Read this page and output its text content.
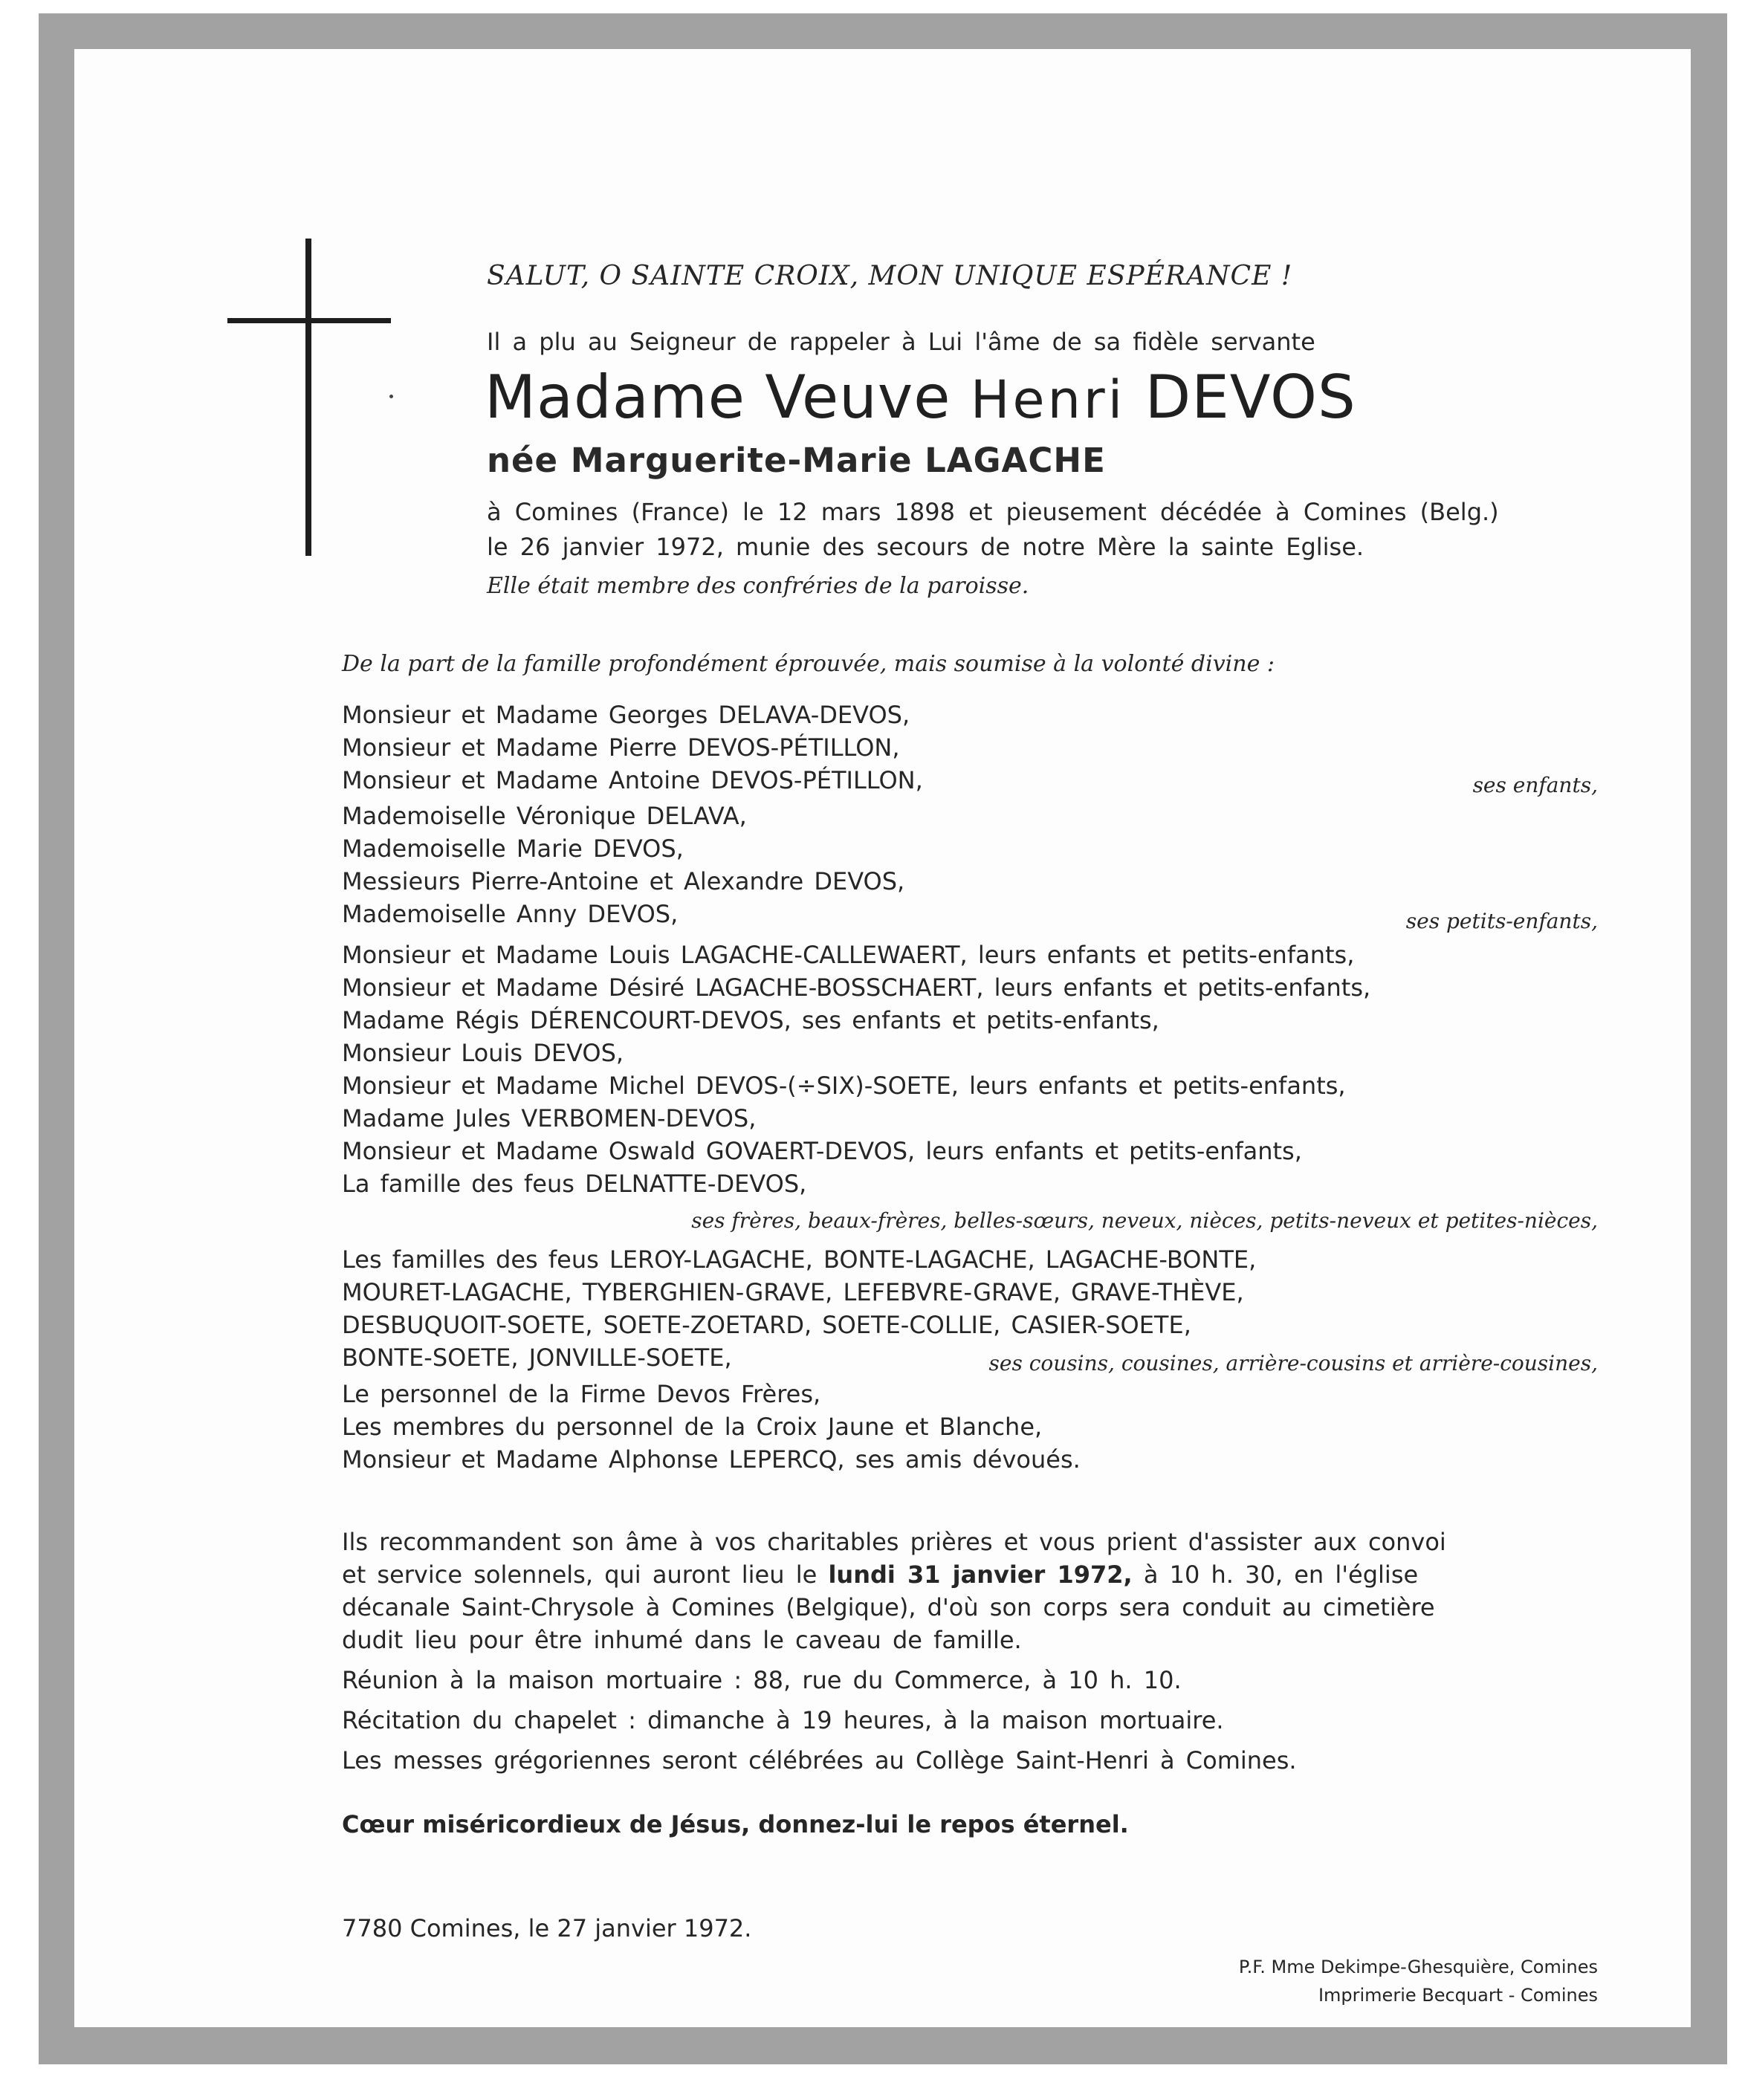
SALUT, O SAINTE CROIX, MON UNIQUE ESPÉRANCE !
Il a plu au Seigneur de rappeler à Lui l'âme de sa fidèle servante
Madame Veuve Henri DEVOS
née Marguerite-Marie LAGACHE
à Comines (France) le 12 mars 1898 et pieusement décédée à Comines (Belg.)
le 26 janvier 1972, munie des secours de notre Mère la sainte Eglise.
Elle était membre des confréries de la paroisse.
De la part de la famille profondément éprouvée, mais soumise à la volonté divine :
Monsieur et Madame Georges DELAVA-DEVOS,
Monsieur et Madame Pierre DEVOS-PÉTILLON,
Monsieur et Madame Antoine DEVOS-PÉTILLON,	ses enfants,
Mademoiselle Véronique DELAVA,
Mademoiselle Marie DEVOS,
Messieurs Pierre-Antoine et Alexandre DEVOS,
Mademoiselle Anny DEVOS,	ses petits-enfants,
Monsieur et Madame Louis LAGACHE-CALLEWAERT, leurs enfants et petits-enfants,
Monsieur et Madame Désiré LAGACHE-BOSSCHAERT, leurs enfants et petits-enfants,
Madame Régis DÉRENCOURT-DEVOS, ses enfants et petits-enfants,
Monsieur Louis DEVOS,
Monsieur et Madame Michel DEVOS-(÷SIX)-SOETE, leurs enfants et petits-enfants,
Madame Jules VERBOMEN-DEVOS,
Monsieur et Madame Oswald GOVAERT-DEVOS, leurs enfants et petits-enfants,
La famille des feus DELNATTE-DEVOS,
ses frères, beaux-frères, belles-sœurs, neveux, nièces, petits-neveux et petites-nièces,
Les familles des feus LEROY-LAGACHE, BONTE-LAGACHE, LAGACHE-BONTE,
MOURET-LAGACHE, TYBERGHIEN-GRAVE, LEFEBVRE-GRAVE, GRAVE-THÈVE,
DESBUQUOIT-SOETE, SOETE-ZOETARD, SOETE-COLLIE, CASIER-SOETE,
BONTE-SOETE, JONVILLE-SOETE,	ses cousins, cousines, arrière-cousins et arrière-cousines,
Le personnel de la Firme Devos Frères,
Les membres du personnel de la Croix Jaune et Blanche,
Monsieur et Madame Alphonse LEPERCQ, ses amis dévoués.
Ils recommandent son âme à vos charitables prières et vous prient d'assister aux convoi
et service solennels, qui auront lieu le lundi 31 janvier 1972, à 10 h. 30, en l'église
décanale Saint-Chrysole à Comines (Belgique), d'où son corps sera conduit au cimetière
dudit lieu pour être inhumé dans le caveau de famille.
Réunion à la maison mortuaire : 88, rue du Commerce, à 10 h. 10.
Récitation du chapelet : dimanche à 19 heures, à la maison mortuaire.
Les messes grégoriennes seront célébrées au Collège Saint-Henri à Comines.
Cœur miséricordieux de Jésus, donnez-lui le repos éternel.
7780 Comines, le 27 janvier 1972.
P.F. Mme Dekimpe-Ghesquière, Comines
Imprimerie Becquart - Comines
